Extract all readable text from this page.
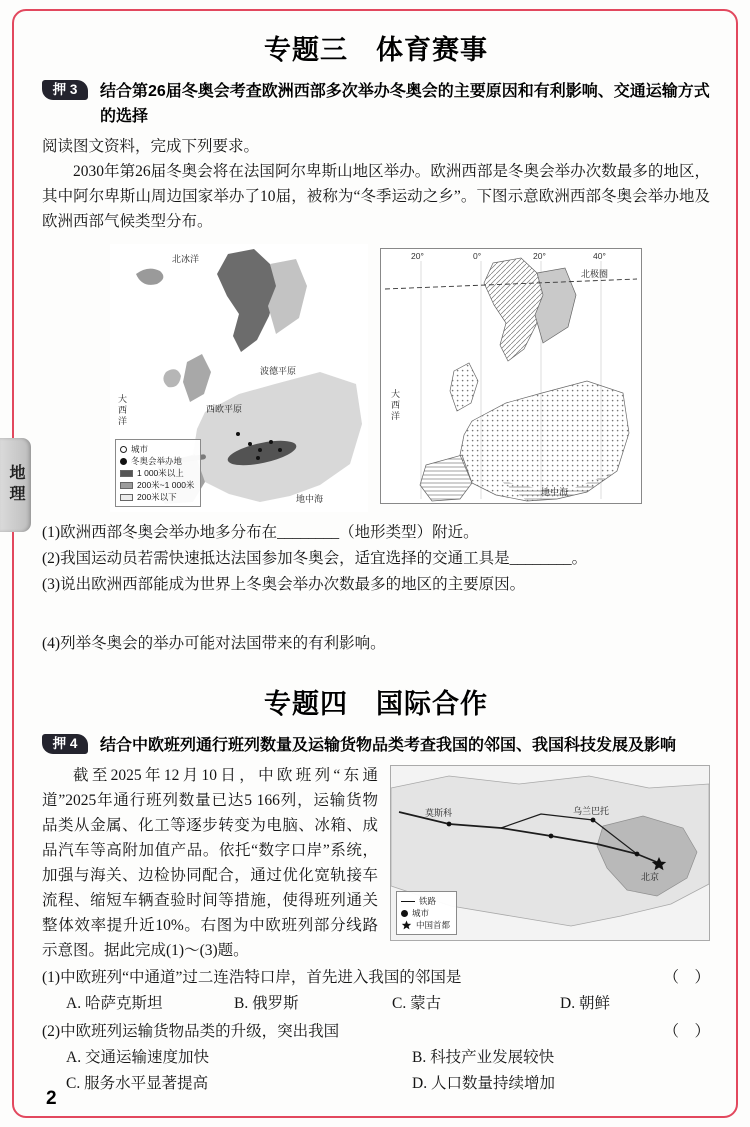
地理
专题三　体育赛事
押 3 结合第26届冬奥会考查欧洲西部多次举办冬奥会的主要原因和有利影响、交通运输方式的选择
阅读图文资料，完成下列要求。
2030年第26届冬奥会将在法国阿尔卑斯山地区举办。欧洲西部是冬奥会举办次数最多的地区，其中阿尔卑斯山周边国家举办了10届，被称为“冬季运动之乡”。下图示意欧洲西部冬奥会举办地及欧洲西部气候类型分布。
北冰洋
大西洋
波德平原
西欧平原
地中海
城市
冬奥会举办地
1 000米以上
200米~1 000米
200米以下
20°	0°	20°	40°
北极圈
大西洋
地中海
(1)欧洲西部冬奥会举办地多分布在________（地形类型）附近。
(2)我国运动员若需快速抵达法国参加冬奥会，适宜选择的交通工具是________。
(3)说出欧洲西部能成为世界上冬奥会举办次数最多的地区的主要原因。
(4)列举冬奥会的举办可能对法国带来的有利影响。
专题四　国际合作
押 4 结合中欧班列通行班列数量及运输货物品类考查我国的邻国、我国科技发展及影响
莫斯科	乌兰巴托
北京
铁路
城市
中国首都

截至2025年12月10日，中欧班列“东通道”2025年通行班列数量已达5 166列，运输货物品类从金属、化工等逐步转变为电脑、冰箱、成品汽车等高附加值产品。依托“数字口岸”系统，加强与海关、边检协同配合，通过优化宽轨接车流程、缩短车辆查验时间等措施，使得班列通关整体效率提升近10%。右图为中欧班列部分线路示意图。据此完成(1)～(3)题。

(1)中欧班列“中通道”过二连浩特口岸，首先进入我国的邻国是	（　）
A. 哈萨克斯坦	B. 俄罗斯	C. 蒙古	D. 朝鲜
(2)中欧班列运输货物品类的升级，突出我国	（　）
A. 交通运输速度加快	B. 科技产业发展较快
C. 服务水平显著提高	D. 人口数量持续增加
2
